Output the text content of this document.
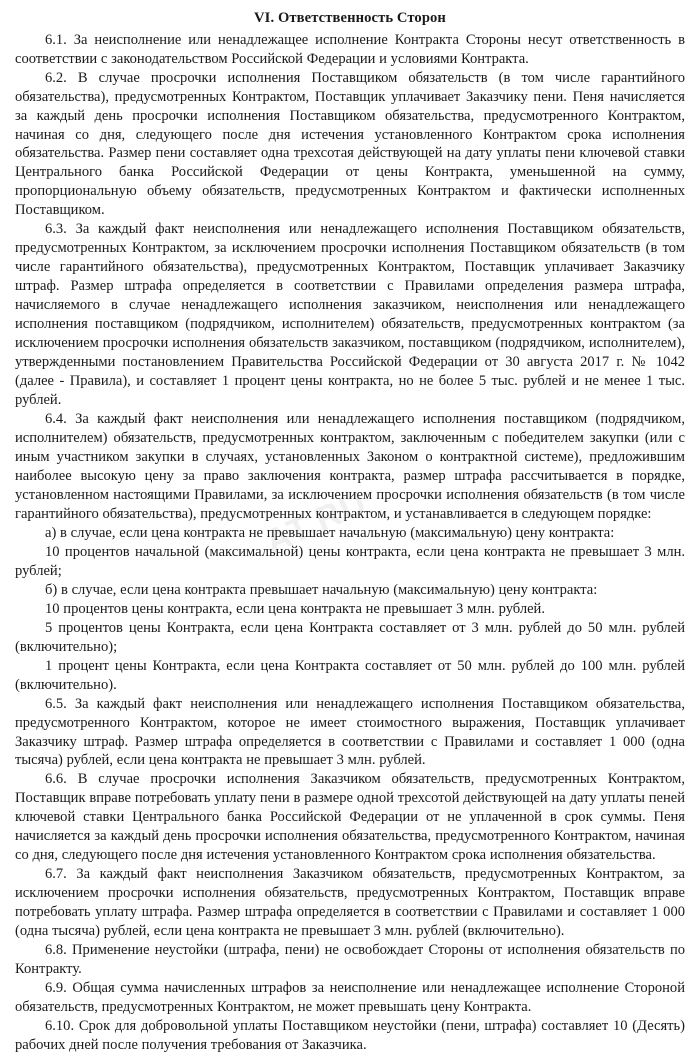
AT.RU
VI. Ответственность Сторон

6.1. За неисполнение или ненадлежащее исполнение Контракта Стороны несут ответственность в соответствии с законодательством Российской Федерации и условиями Контракта.

6.2. В случае просрочки исполнения Поставщиком обязательств (в том числе гарантийного обязательства), предусмотренных Контрактом, Поставщик уплачивает Заказчику пени. Пеня начисляется за каждый день просрочки исполнения Поставщиком обязательства, предусмотренного Контрактом, начиная со дня, следующего после дня истечения установленного Контрактом срока исполнения обязательства. Размер пени составляет одна трехсотая действующей на дату уплаты пени ключевой ставки Центрального банка Российской Федерации от цены Контракта, уменьшенной на сумму, пропорциональную объему обязательств, предусмотренных Контрактом и фактически исполненных Поставщиком.

6.3. За каждый факт неисполнения или ненадлежащего исполнения Поставщиком обязательств, предусмотренных Контрактом, за исключением просрочки исполнения Поставщиком обязательств (в том числе гарантийного обязательства), предусмотренных Контрактом, Поставщик уплачивает Заказчику штраф. Размер штрафа определяется в соответствии с Правилами определения размера штрафа, начисляемого в случае ненадлежащего исполнения заказчиком, неисполнения или ненадлежащего исполнения поставщиком (подрядчиком, исполнителем) обязательств, предусмотренных контрактом (за исключением просрочки исполнения обязательств заказчиком, поставщиком (подрядчиком, исполнителем), утвержденными постановлением Правительства Российской Федерации от 30 августа 2017 г. № 1042 (далее - Правила), и составляет 1 процент цены контракта, но не более 5 тыс. рублей и не менее 1 тыс. рублей.

6.4. За каждый факт неисполнения или ненадлежащего исполнения поставщиком (подрядчиком, исполнителем) обязательств, предусмотренных контрактом, заключенным с победителем закупки (или с иным участником закупки в случаях, установленных Законом о контрактной системе), предложившим наиболее высокую цену за право заключения контракта, размер штрафа рассчитывается в порядке, установленном настоящими Правилами, за исключением просрочки исполнения обязательств (в том числе гарантийного обязательства), предусмотренных контрактом, и устанавливается в следующем порядке:

а) в случае, если цена контракта не превышает начальную (максимальную) цену контракта:

10 процентов начальной (максимальной) цены контракта, если цена контракта не превышает 3 млн. рублей;

б) в случае, если цена контракта превышает начальную (максимальную) цену контракта:

10 процентов цены контракта, если цена контракта не превышает 3 млн. рублей.

5 процентов цены Контракта, если цена Контракта составляет от 3 млн. рублей до 50 млн. рублей (включительно);

1 процент цены Контракта, если цена Контракта составляет от 50 млн. рублей до 100 млн. рублей (включительно).

6.5. За каждый факт неисполнения или ненадлежащего исполнения Поставщиком обязательства, предусмотренного Контрактом, которое не имеет стоимостного выражения, Поставщик уплачивает Заказчику штраф. Размер штрафа определяется в соответствии с Правилами и составляет 1 000 (одна тысяча) рублей, если цена контракта не превышает 3 млн. рублей.

6.6. В случае просрочки исполнения Заказчиком обязательств, предусмотренных Контрактом, Поставщик вправе потребовать уплату пени в размере одной трехсотой действующей на дату уплаты пеней ключевой ставки Центрального банка Российской Федерации от не уплаченной в срок суммы. Пеня начисляется за каждый день просрочки исполнения обязательства, предусмотренного Контрактом, начиная со дня, следующего после дня истечения установленного Контрактом срока исполнения обязательства.

6.7. За каждый факт неисполнения Заказчиком обязательств, предусмотренных Контрактом, за исключением просрочки исполнения обязательств, предусмотренных Контрактом, Поставщик вправе потребовать уплату штрафа. Размер штрафа определяется в соответствии с Правилами и составляет 1 000 (одна тысяча) рублей, если цена контракта не превышает 3 млн. рублей (включительно).

6.8. Применение неустойки (штрафа, пени) не освобождает Стороны от исполнения обязательств по Контракту.

6.9. Общая сумма начисленных штрафов за неисполнение или ненадлежащее исполнение Стороной обязательств, предусмотренных Контрактом, не может превышать цену Контракта.

6.10. Срок для добровольной уплаты Поставщиком неустойки (пени, штрафа) составляет 10 (Десять) рабочих дней после получения требования от Заказчика.
